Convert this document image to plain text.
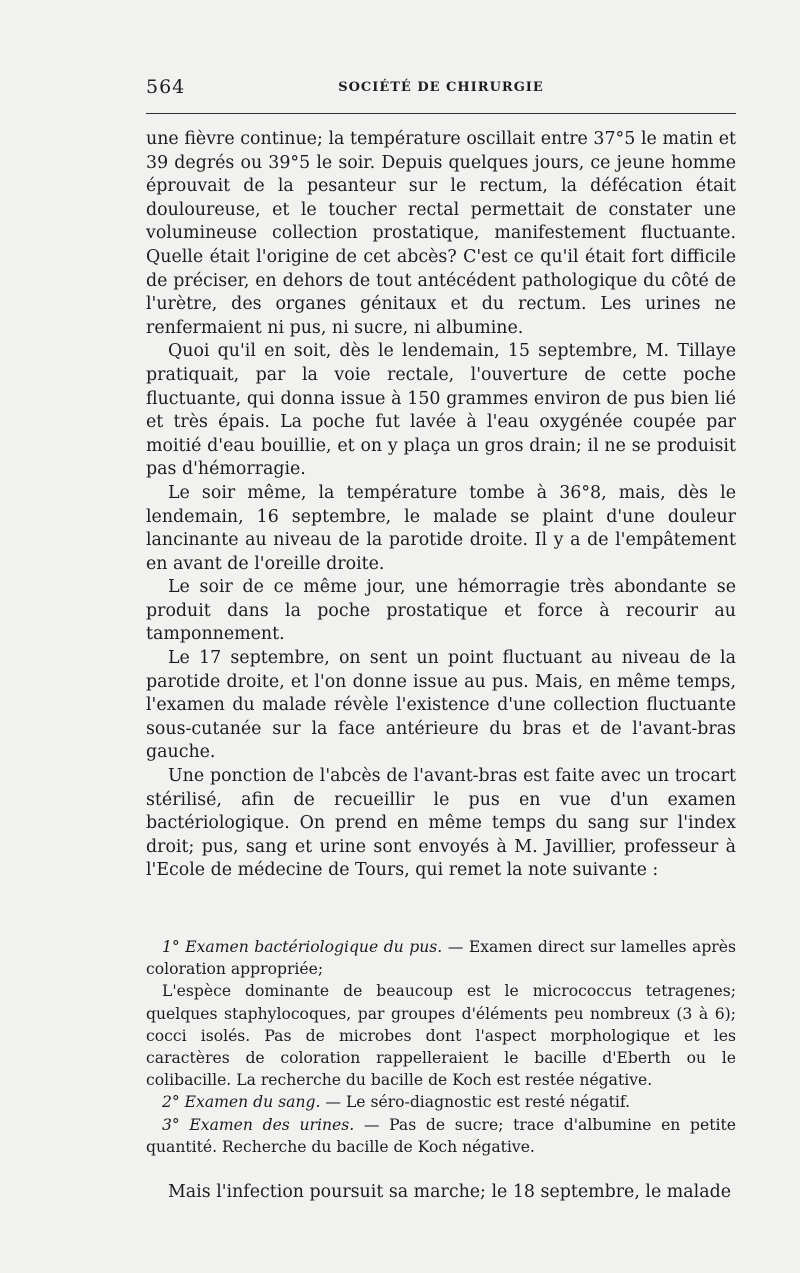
564	SOCIÉTÉ DE CHIRURGIE

une fièvre continue; la température oscillait entre 37°5 le matin et 39 degrés ou 39°5 le soir. Depuis quelques jours, ce jeune homme éprouvait de la pesanteur sur le rectum, la défécation était douloureuse, et le toucher rectal permettait de constater une volumineuse collection prostatique, manifestement fluctuante. Quelle était l'origine de cet abcès? C'est ce qu'il était fort difficile de préciser, en dehors de tout antécédent pathologique du côté de l'urètre, des organes génitaux et du rectum. Les urines ne renfermaient ni pus, ni sucre, ni albumine.

Quoi qu'il en soit, dès le lendemain, 15 septembre, M. Tillaye pratiquait, par la voie rectale, l'ouverture de cette poche fluctuante, qui donna issue à 150 grammes environ de pus bien lié et très épais. La poche fut lavée à l'eau oxygénée coupée par moitié d'eau bouillie, et on y plaça un gros drain; il ne se produisit pas d'hémorragie.

Le soir même, la température tombe à 36°8, mais, dès le lendemain, 16 septembre, le malade se plaint d'une douleur lancinante au niveau de la parotide droite. Il y a de l'empâtement en avant de l'oreille droite.

Le soir de ce même jour, une hémorragie très abondante se produit dans la poche prostatique et force à recourir au tamponnement.

Le 17 septembre, on sent un point fluctuant au niveau de la parotide droite, et l'on donne issue au pus. Mais, en même temps, l'examen du malade révèle l'existence d'une collection fluctuante sous-cutanée sur la face antérieure du bras et de l'avant-bras gauche.

Une ponction de l'abcès de l'avant-bras est faite avec un trocart stérilisé, afin de recueillir le pus en vue d'un examen bactériologique. On prend en même temps du sang sur l'index droit; pus, sang et urine sont envoyés à M. Javillier, professeur à l'Ecole de médecine de Tours, qui remet la note suivante :

1° Examen bactériologique du pus. — Examen direct sur lamelles après coloration appropriée;

L'espèce dominante de beaucoup est le micrococcus tetragenes; quelques staphylocoques, par groupes d'éléments peu nombreux (3 à 6); cocci isolés. Pas de microbes dont l'aspect morphologique et les caractères de coloration rappelleraient le bacille d'Eberth ou le colibacille. La recherche du bacille de Koch est restée négative.

2° Examen du sang. — Le séro-diagnostic est resté négatif.

3° Examen des urines. — Pas de sucre; trace d'albumine en petite quantité. Recherche du bacille de Koch négative.

Mais l'infection poursuit sa marche; le 18 septembre, le malade
